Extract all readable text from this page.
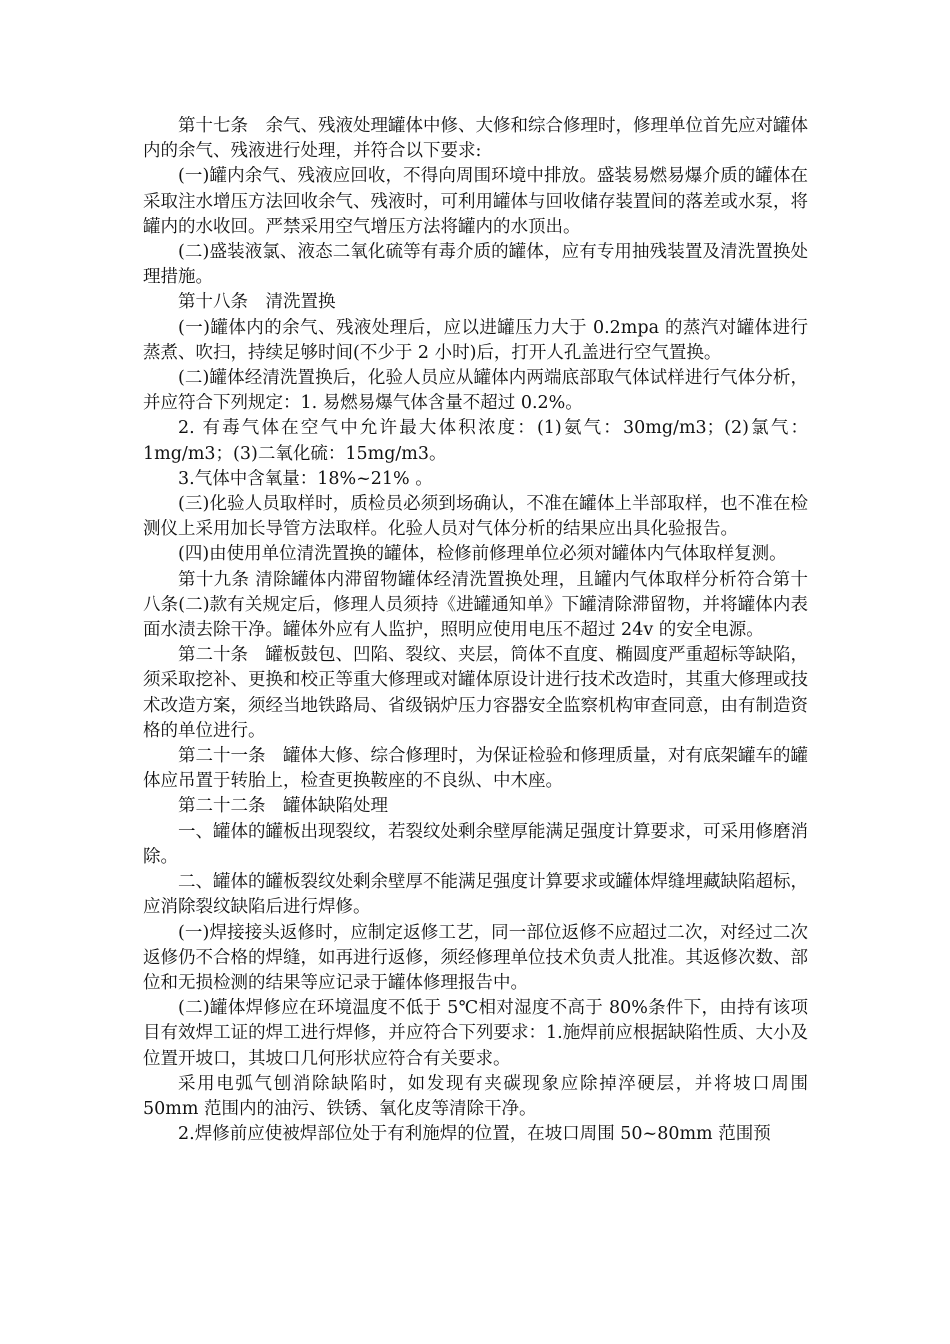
第十七条　余气、残液处理罐体中修、大修和综合修理时，修理单位首先应对罐体内的余气、残液进行处理，并符合以下要求:

(一)罐内余气、残液应回收，不得向周围环境中排放。盛装易燃易爆介质的罐体在采取注水增压方法回收余气、残液时，可利用罐体与回收储存装置间的落差或水泵，将罐内的水收回。严禁采用空气增压方法将罐内的水顶出。

(二)盛装液氯、液态二氧化硫等有毒介质的罐体，应有专用抽残装置及清洗置换处理措施。

第十八条　清洗置换

(一)罐体内的余气、残液处理后，应以进罐压力大于 0.2mpa 的蒸汽对罐体进行蒸煮、吹扫，持续足够时间(不少于 2 小时)后，打开人孔盖进行空气置换。

(二)罐体经清洗置换后，化验人员应从罐体内两端底部取气体试样进行气体分析，并应符合下列规定：1. 易燃易爆气体含量不超过 0.2%。

2. 有毒气体在空气中允许最大体积浓度：(1)氨气：30mg/m3；(2)氯气：1mg/m3；(3)二氧化硫：15mg/m3。

3.气体中含氧量：18%~21% 。

(三)化验人员取样时，质检员必须到场确认，不准在罐体上半部取样，也不准在检测仪上采用加长导管方法取样。化验人员对气体分析的结果应出具化验报告。

(四)由使用单位清洗置换的罐体，检修前修理单位必须对罐体内气体取样复测。

第十九条 清除罐体内滞留物罐体经清洗置换处理，且罐内气体取样分析符合第十八条(二)款有关规定后，修理人员须持《进罐通知单》下罐清除滞留物，并将罐体内表面水渍去除干净。罐体外应有人监护，照明应使用电压不超过 24v 的安全电源。

第二十条　罐板鼓包、凹陷、裂纹、夹层，筒体不直度、椭圆度严重超标等缺陷，须采取挖补、更换和校正等重大修理或对罐体原设计进行技术改造时，其重大修理或技术改造方案，须经当地铁路局、省级锅炉压力容器安全监察机构审查同意，由有制造资格的单位进行。

第二十一条　罐体大修、综合修理时，为保证检验和修理质量，对有底架罐车的罐体应吊置于转胎上，检查更换鞍座的不良纵、中木座。

第二十二条　罐体缺陷处理

一、罐体的罐板出现裂纹，若裂纹处剩余壁厚能满足强度计算要求，可采用修磨消除。

二、罐体的罐板裂纹处剩余壁厚不能满足强度计算要求或罐体焊缝埋藏缺陷超标，应消除裂纹缺陷后进行焊修。

(一)焊接接头返修时，应制定返修工艺，同一部位返修不应超过二次，对经过二次返修仍不合格的焊缝，如再进行返修，须经修理单位技术负责人批准。其返修次数、部位和无损检测的结果等应记录于罐体修理报告中。

(二)罐体焊修应在环境温度不低于 5℃相对湿度不高于 80%条件下，由持有该项目有效焊工证的焊工进行焊修，并应符合下列要求：1.施焊前应根据缺陷性质、大小及位置开坡口，其坡口几何形状应符合有关要求。

采用电弧气刨消除缺陷时，如发现有夹碳现象应除掉淬硬层，并将坡口周围 50mm 范围内的油污、铁锈、氧化皮等清除干净。

2.焊修前应使被焊部位处于有利施焊的位置，在坡口周围 50~80mm 范围预
